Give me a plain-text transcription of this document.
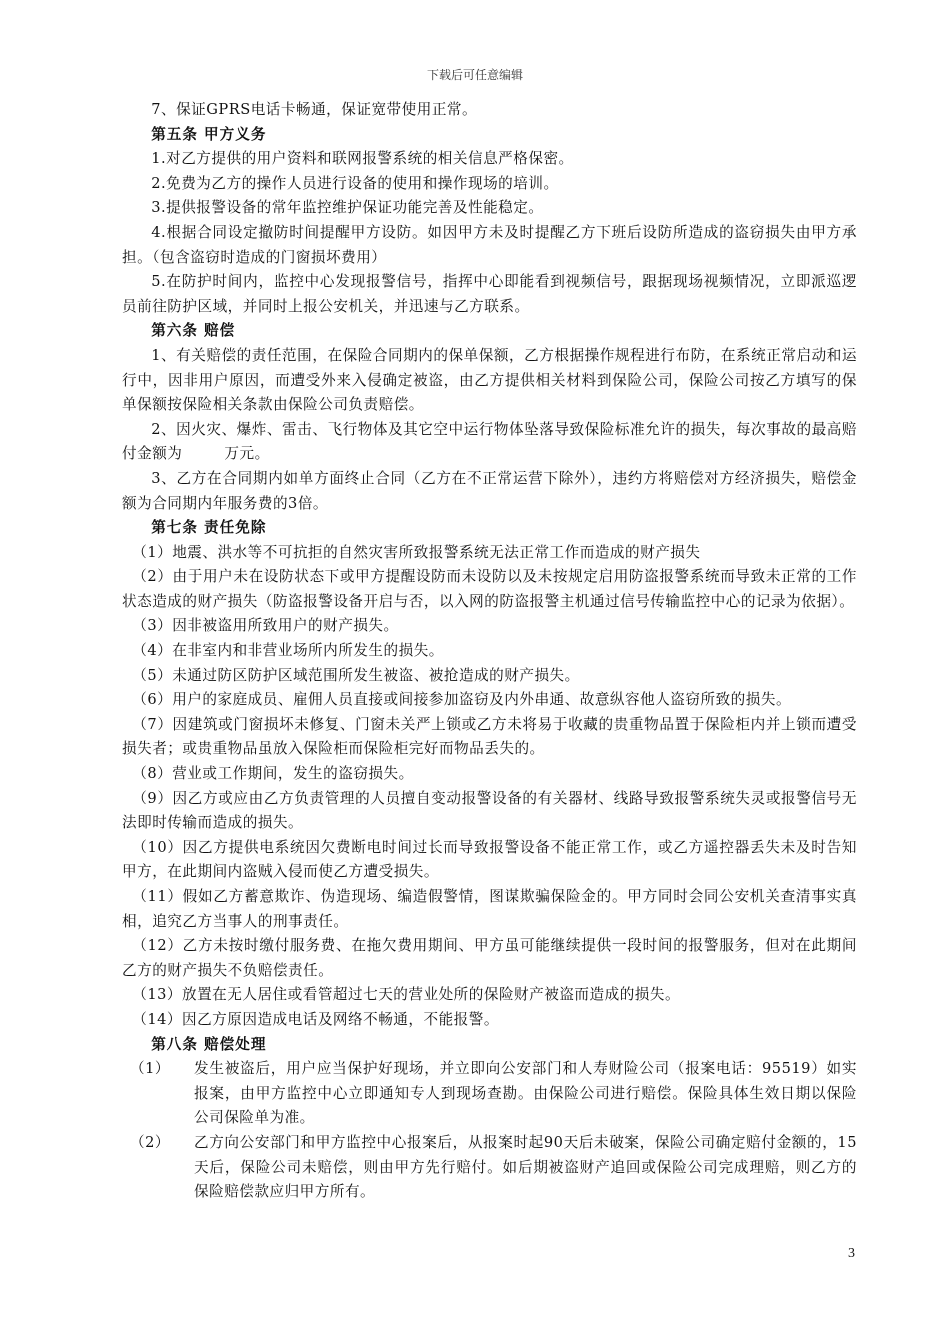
下载后可任意编辑

7、保证GPRS电话卡畅通，保证宽带使用正常。

第五条 甲方义务

1.对乙方提供的用户资料和联网报警系统的相关信息严格保密。

2.免费为乙方的操作人员进行设备的使用和操作现场的培训。

3.提供报警设备的常年监控维护保证功能完善及性能稳定。

4.根据合同设定撤防时间提醒甲方设防。如因甲方未及时提醒乙方下班后设防所造成的盗窃损失由甲方承担。（包含盗窃时造成的门窗损坏费用）

5.在防护时间内，监控中心发现报警信号，指挥中心即能看到视频信号，跟据现场视频情况，立即派巡逻员前往防护区域，并同时上报公安机关，并迅速与乙方联系。

第六条 赔偿

1、有关赔偿的责任范围，在保险合同期内的保单保额，乙方根据操作规程进行布防，在系统正常启动和运行中，因非用户原因，而遭受外来入侵确定被盗，由乙方提供相关材料到保险公司，保险公司按乙方填写的保单保额按保险相关条款由保险公司负责赔偿。

2、因火灾、爆炸、雷击、飞行物体及其它空中运行物体坠落导致保险标准允许的损失，每次事故的最高赔付金额为	万元。

3、乙方在合同期内如单方面终止合同（乙方在不正常运营下除外），违约方将赔偿对方经济损失，赔偿金额为合同期内年服务费的3倍。

第七条 责任免除

（1）地震、洪水等不可抗拒的自然灾害所致报警系统无法正常工作而造成的财产损失

（2）由于用户未在设防状态下或甲方提醒设防而未设防以及未按规定启用防盗报警系统而导致未正常的工作状态造成的财产损失（防盗报警设备开启与否，以入网的防盗报警主机通过信号传输监控中心的记录为依据）。

（3）因非被盗用所致用户的财产损失。

（4）在非室内和非营业场所内所发生的损失。

（5）未通过防区防护区域范围所发生被盗、被抢造成的财产损失。

（6）用户的家庭成员、雇佣人员直接或间接参加盗窃及内外串通、故意纵容他人盗窃所致的损失。

（7）因建筑或门窗损坏未修复、门窗未关严上锁或乙方未将易于收藏的贵重物品置于保险柜内并上锁而遭受损失者；或贵重物品虽放入保险柜而保险柜完好而物品丢失的。

（8）营业或工作期间，发生的盗窃损失。

（9）因乙方或应由乙方负责管理的人员擅自变动报警设备的有关器材、线路导致报警系统失灵或报警信号无法即时传输而造成的损失。

（10）因乙方提供电系统因欠费断电时间过长而导致报警设备不能正常工作，或乙方遥控器丢失未及时告知甲方，在此期间内盗贼入侵而使乙方遭受损失。

（11）假如乙方蓄意欺诈、伪造现场、编造假警情，图谋欺骗保险金的。甲方同时会同公安机关查清事实真相，追究乙方当事人的刑事责任。

（12）乙方未按时缴付服务费、在拖欠费用期间、甲方虽可能继续提供一段时间的报警服务，但对在此期间乙方的财产损失不负赔偿责任。

（13）放置在无人居住或看管超过七天的营业处所的保险财产被盗而造成的损失。

（14）因乙方原因造成电话及网络不畅通，不能报警。

第八条 赔偿处理

（1）	发生被盗后，用户应当保护好现场，并立即向公安部门和人寿财险公司（报案电话：95519）如实报案，由甲方监控中心立即通知专人到现场查勘。由保险公司进行赔偿。保险具体生效日期以保险公司保险单为准。
（2）	乙方向公安部门和甲方监控中心报案后，从报案时起90天后未破案，保险公司确定赔付金额的，15天后，保险公司未赔偿，则由甲方先行赔付。如后期被盗财产追回或保险公司完成理赔，则乙方的保险赔偿款应归甲方所有。
3
